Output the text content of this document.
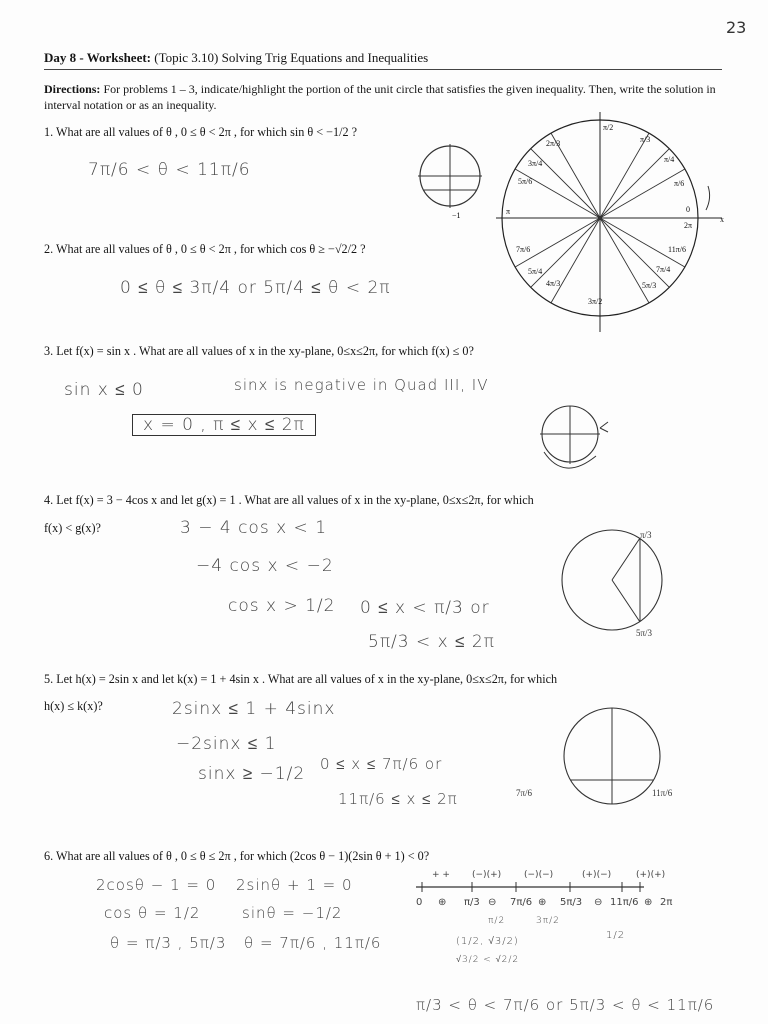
23
Day 8 - Worksheet: (Topic 3.10) Solving Trig Equations and Inequalities
Directions: For problems 1 – 3, indicate/highlight the portion of the unit circle that satisfies the given inequality. Then, write the solution in interval notation or as an inequality.
1. What are all values of θ , 0 ≤ θ < 2π , for which sin θ < −1/2 ?
7π/6 < θ < 11π/6
−1
2. What are all values of θ , 0 ≤ θ < 2π , for which cos θ ≥ −√2/2 ?
0 ≤ θ ≤ 3π/4 or 5π/4 ≤ θ < 2π
π/2
π/3
π/4
π/6
0
2π
11π/6
7π/4
5π/3
3π/2
4π/3
5π/4
7π/6
π
5π/6
3π/4
2π/3
x
3. Let f(x) = sin x . What are all values of x in the xy-plane, 0≤x≤2π, for which f(x) ≤ 0?
sin x ≤ 0	sinx is negative in Quad III, IV
x = 0 , π ≤ x ≤ 2π
4. Let f(x) = 3 − 4cos x and let g(x) = 1 . What are all values of x in the xy-plane, 0≤x≤2π, for which
f(x) < g(x)?	3 − 4 cos x < 1
−4 cos x < −2
cos x > 1/2 0 ≤ x < π/3 or
5π/3 < x ≤ 2π
π/3
5π/3
5. Let h(x) = 2sin x and let k(x) = 1 + 4sin x . What are all values of x in the xy-plane, 0≤x≤2π, for which
h(x) ≤ k(x)?	2sinx ≤ 1 + 4sinx
−2sinx ≤ 1
sinx ≥ −1/2 0 ≤ x ≤ 7π/6 or
11π/6 ≤ x ≤ 2π	7π/6	11π/6
6. What are all values of θ , 0 ≤ θ ≤ 2π , for which (2cos θ − 1)(2sin θ + 1) < 0?
2cosθ − 1 = 0
cos θ = 1/2
θ = π/3 , 5π/3
2sinθ + 1 = 0
sinθ = −1/2
θ = 7π/6 , 11π/6
π/3 < θ < 7π/6 or 5π/3 < θ < 11π/6
+ + (−)(+)	(−)(−)	(+)(−)	(+)(+)
0 ⊕ π/3 ⊖ 7π/6 ⊕ 5π/3 ⊖ 11π/6 ⊕ 2π
π/2	3π/2
(1/2, √3/2)
√3/2 < √2/2
1/2
